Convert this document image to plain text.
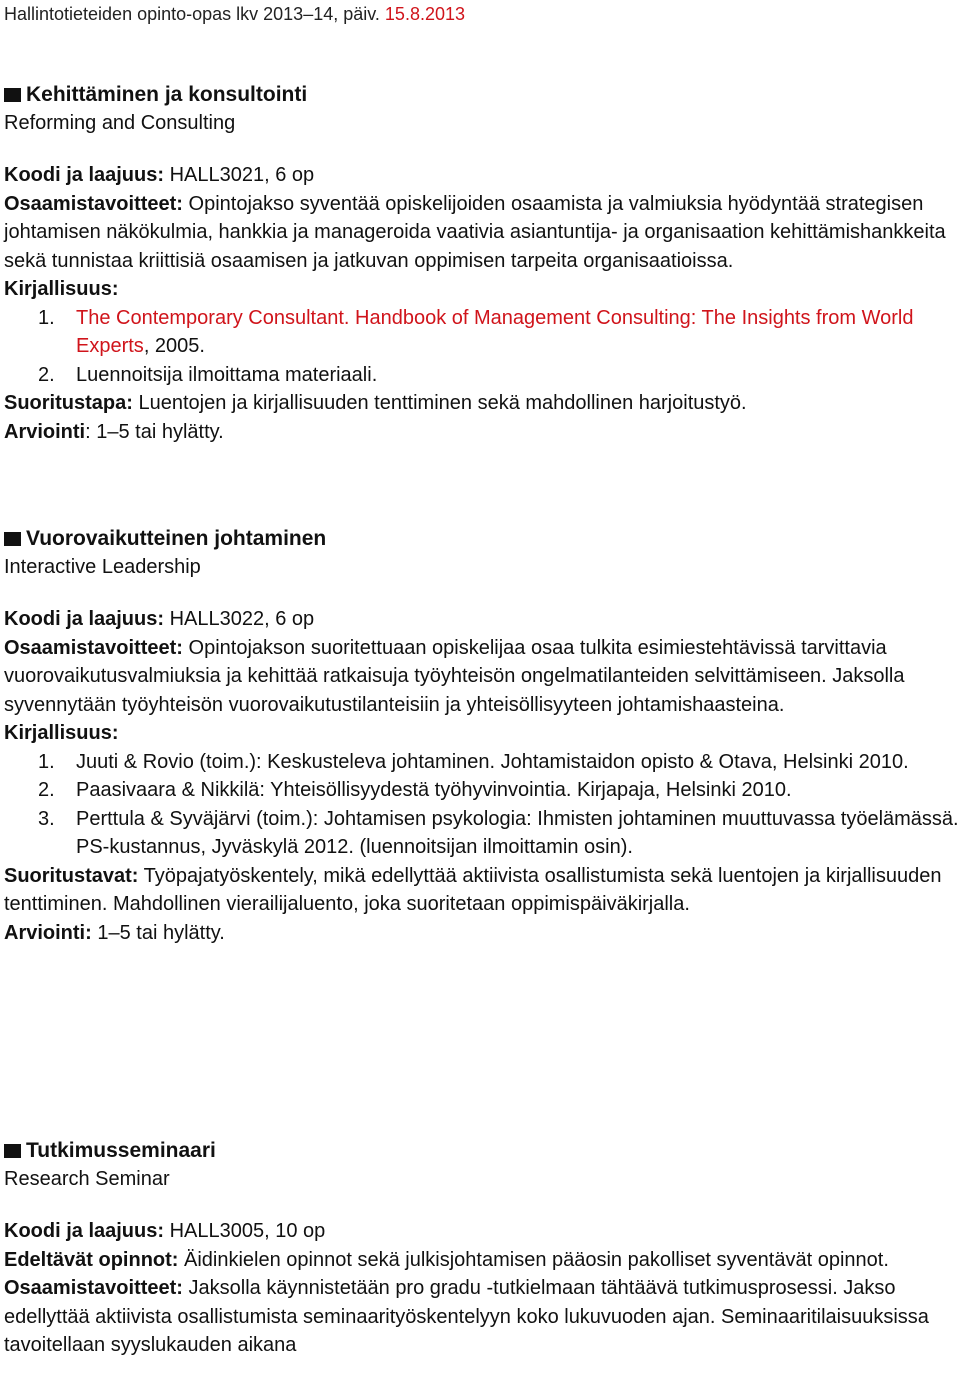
Hallintotieteiden opinto-opas lkv 2013–14, päiv. 15.8.2013
Kehittäminen ja konsultointi
Reforming and Consulting

Koodi ja laajuus: HALL3021, 6 op

Osaamistavoitteet: Opintojakso syventää opiskelijoiden osaamista ja valmiuksia hyödyntää strategisen johtamisen näkökulmia, hankkia ja manageroida vaativia asiantuntija- ja organisaation kehittämishankkeita sekä tunnistaa kriittisiä osaamisen ja jatkuvan oppimisen tarpeita organisaatioissa.

Kirjallisuus:

1. The Contemporary Consultant. Handbook of Management Consulting: The Insights from World Experts, 2005.
2. Luennoitsija ilmoittama materiaali.

Suoritustapa: Luentojen ja kirjallisuuden tenttiminen sekä mahdollinen harjoitustyö.

Arviointi: 1–5 tai hylätty.

Vuorovaikutteinen johtaminen
Interactive Leadership

Koodi ja laajuus: HALL3022, 6 op

Osaamistavoitteet: Opintojakson suoritettuaan opiskelijaa osaa tulkita esimiestehtävissä tarvittavia vuorovaikutusvalmiuksia ja kehittää ratkaisuja työyhteisön ongelmatilanteiden selvittämiseen. Jaksolla syvennytään työyhteisön vuorovaikutustilanteisiin ja yhteisöllisyyteen johtamishaasteina.

Kirjallisuus:

1. Juuti & Rovio (toim.): Keskusteleva johtaminen. Johtamistaidon opisto & Otava, Helsinki 2010.
2. Paasivaara & Nikkilä: Yhteisöllisyydestä työhyvinvointia. Kirjapaja, Helsinki 2010.
3. Perttula & Syväjärvi (toim.): Johtamisen psykologia: Ihmisten johtaminen muuttuvassa työelämässä. PS-kustannus, Jyväskylä 2012. (luennoitsijan ilmoittamin osin).

Suoritustavat: Työpajatyöskentely, mikä edellyttää aktiivista osallistumista sekä luentojen ja kirjallisuuden tenttiminen. Mahdollinen vierailijaluento, joka suoritetaan oppimispäiväkirjalla.

Arviointi: 1–5 tai hylätty.

Tutkimusseminaari
Research Seminar

Koodi ja laajuus: HALL3005, 10 op

Edeltävät opinnot: Äidinkielen opinnot sekä julkisjohtamisen pääosin pakolliset syventävät opinnot.

Osaamistavoitteet: Jaksolla käynnistetään pro gradu -tutkielmaan tähtäävä tutkimusprosessi. Jakso edellyttää aktiivista osallistumista seminaarityöskentelyyn koko lukuvuoden ajan. Seminaaritilaisuuksissa tavoitellaan syyslukauden aikana
